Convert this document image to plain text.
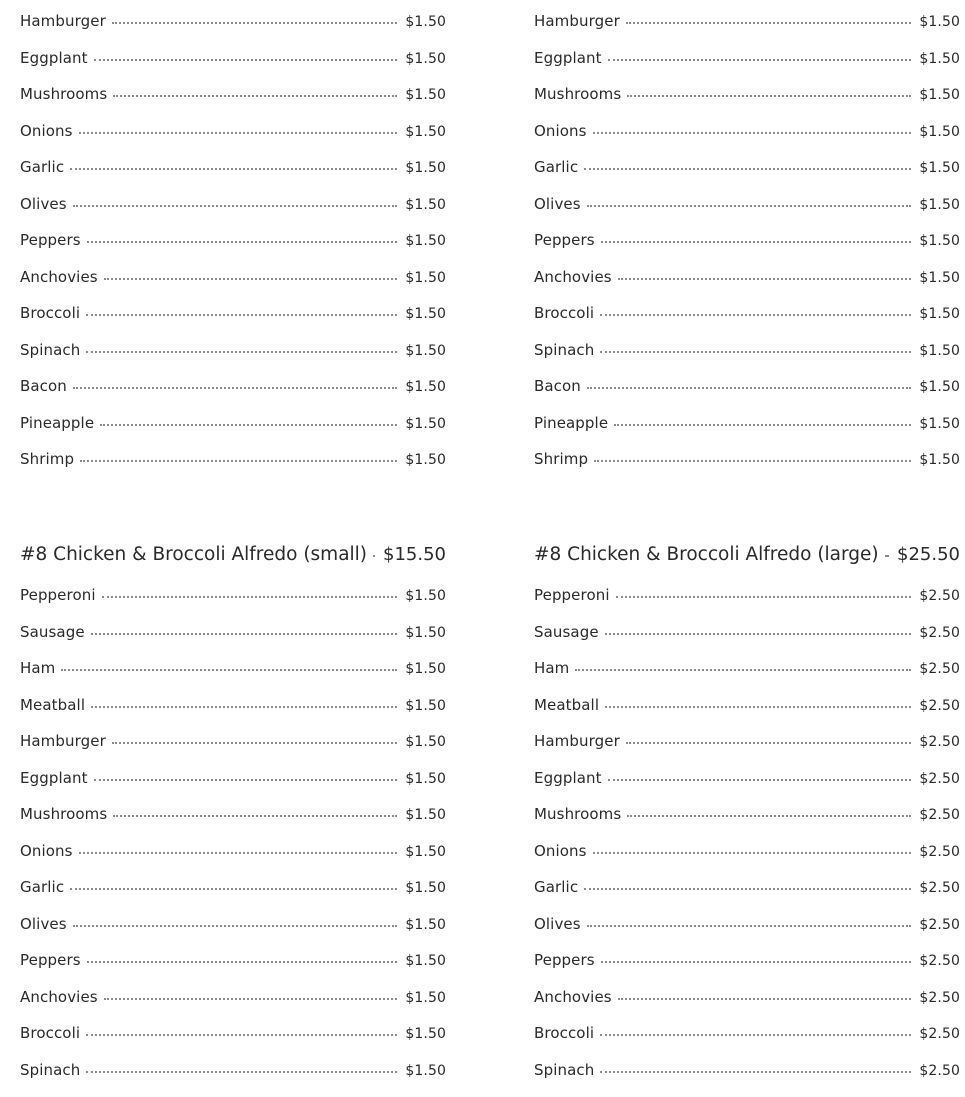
Hamburger	$1.50
Eggplant	$1.50
Mushrooms	$1.50
Onions	$1.50
Garlic	$1.50
Olives	$1.50
Peppers	$1.50
Anchovies	$1.50
Broccoli	$1.50
Spinach	$1.50
Bacon	$1.50
Pineapple	$1.50
Shrimp	$1.50
Hamburger	$1.50
Eggplant	$1.50
Mushrooms	$1.50
Onions	$1.50
Garlic	$1.50
Olives	$1.50
Peppers	$1.50
Anchovies	$1.50
Broccoli	$1.50
Spinach	$1.50
Bacon	$1.50
Pineapple	$1.50
Shrimp	$1.50
#8 Chicken & Broccoli Alfredo (small) $15.50
Pepperoni	$1.50
Sausage	$1.50
Ham	$1.50
Meatball	$1.50
Hamburger	$1.50
Eggplant	$1.50
Mushrooms	$1.50
Onions	$1.50
Garlic	$1.50
Olives	$1.50
Peppers	$1.50
Anchovies	$1.50
Broccoli	$1.50
Spinach	$1.50
#8 Chicken & Broccoli Alfredo (large) $25.50
Pepperoni	$2.50
Sausage	$2.50
Ham	$2.50
Meatball	$2.50
Hamburger	$2.50
Eggplant	$2.50
Mushrooms	$2.50
Onions	$2.50
Garlic	$2.50
Olives	$2.50
Peppers	$2.50
Anchovies	$2.50
Broccoli	$2.50
Spinach	$2.50
